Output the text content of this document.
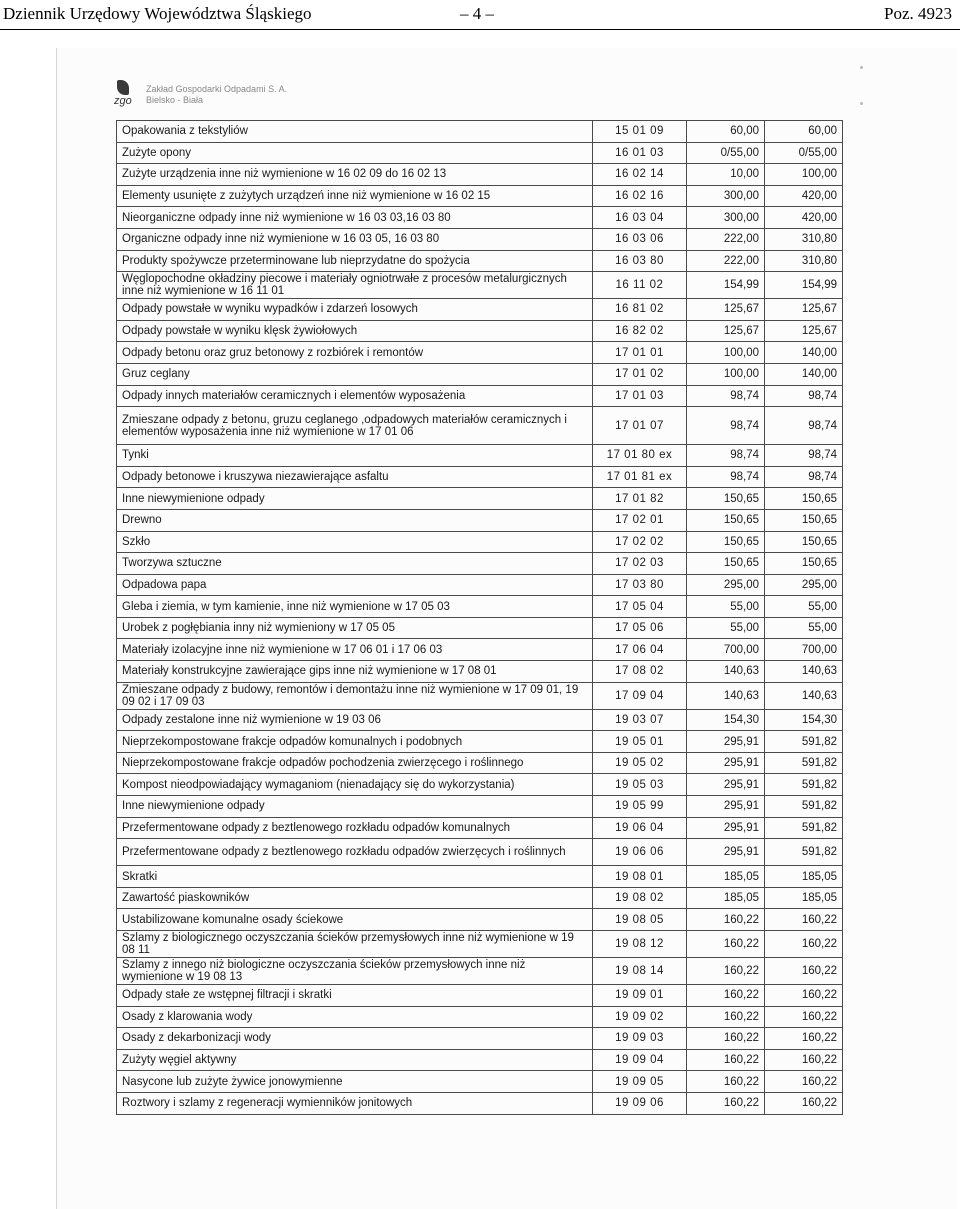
Dziennik Urzędowy Województwa Śląskiego	– 4 –	Poz. 4923
zgo
Zakład Gospodarki Odpadami S. A.
Bielsko - Biała
Opakowania z tekstyliów	15 01 09	60,00	60,00
Zużyte opony	16 01 03	0/55,00	0/55,00
Zużyte urządzenia inne niż wymienione w 16 02 09 do 16 02 13	16 02 14	10,00	100,00
Elementy usunięte z zużytych urządzeń inne niż wymienione w 16 02 15	16 02 16	300,00	420,00
Nieorganiczne odpady inne niż wymienione w 16 03 03,16 03 80	16 03 04	300,00	420,00
Organiczne odpady inne niż wymienione w 16 03 05, 16 03 80	16 03 06	222,00	310,80
Produkty spożywcze przeterminowane lub nieprzydatne do spożycia	16 03 80	222,00	310,80
Węglopochodne okładziny piecowe i materiały ogniotrwałe z procesów metalurgicznych inne niż wymienione w 16 11 01	16 11 02	154,99	154,99
Odpady powstałe w wyniku wypadków i zdarzeń losowych	16 81 02	125,67	125,67
Odpady powstałe w wyniku klęsk żywiołowych	16 82 02	125,67	125,67
Odpady betonu oraz gruz betonowy z rozbiórek i remontów	17 01 01	100,00	140,00
Gruz ceglany	17 01 02	100,00	140,00
Odpady innych materiałów ceramicznych i elementów wyposażenia	17 01 03	98,74	98,74
Zmieszane odpady z betonu, gruzu ceglanego ,odpadowych materiałów ceramicznych i elementów wyposażenia inne niż wymienione w 17 01 06	17 01 07	98,74	98,74
Tynki	17 01 80 ex	98,74	98,74
Odpady betonowe i kruszywa niezawierające asfaltu	17 01 81 ex	98,74	98,74
Inne niewymienione odpady	17 01 82	150,65	150,65
Drewno	17 02 01	150,65	150,65
Szkło	17 02 02	150,65	150,65
Tworzywa sztuczne	17 02 03	150,65	150,65
Odpadowa papa	17 03 80	295,00	295,00
Gleba i ziemia, w tym kamienie, inne niż wymienione w 17 05 03	17 05 04	55,00	55,00
Urobek z pogłębiania inny niż wymieniony w 17 05 05	17 05 06	55,00	55,00
Materiały izolacyjne inne niż wymienione w 17 06 01 i 17 06 03	17 06 04	700,00	700,00
Materiały konstrukcyjne zawierające gips inne niż wymienione w 17 08 01	17 08 02	140,63	140,63
Zmieszane odpady z budowy, remontów i demontażu inne niż wymienione w 17 09 01, 19 09 02 i 17 09 03	17 09 04	140,63	140,63
Odpady zestalone inne niż wymienione w 19 03 06	19 03 07	154,30	154,30
Nieprzekompostowane frakcje odpadów komunalnych i podobnych	19 05 01	295,91	591,82
Nieprzekompostowane frakcje odpadów pochodzenia zwierzęcego i roślinnego	19 05 02	295,91	591,82
Kompost nieodpowiadający wymaganiom (nienadający się do wykorzystania)	19 05 03	295,91	591,82
Inne niewymienione odpady	19 05 99	295,91	591,82
Przefermentowane odpady z beztlenowego rozkładu odpadów komunalnych	19 06 04	295,91	591,82
Przefermentowane odpady z beztlenowego rozkładu odpadów zwierzęcych i roślinnych	19 06 06	295,91	591,82
Skratki	19 08 01	185,05	185,05
Zawartość piaskowników	19 08 02	185,05	185,05
Ustabilizowane komunalne osady ściekowe	19 08 05	160,22	160,22
Szlamy z biologicznego oczyszczania ścieków przemysłowych inne niż wymienione w 19 08 11	19 08 12	160,22	160,22
Szlamy z innego niż biologiczne oczyszczania ścieków przemysłowych inne niż wymienione w 19 08 13	19 08 14	160,22	160,22
Odpady stałe ze wstępnej filtracji i skratki	19 09 01	160,22	160,22
Osady z klarowania wody	19 09 02	160,22	160,22
Osady z dekarbonizacji wody	19 09 03	160,22	160,22
Zużyty węgiel aktywny	19 09 04	160,22	160,22
Nasycone lub zużyte żywice jonowymienne	19 09 05	160,22	160,22
Roztwory i szlamy z regeneracji wymienników jonitowych	19 09 06	160,22	160,22
